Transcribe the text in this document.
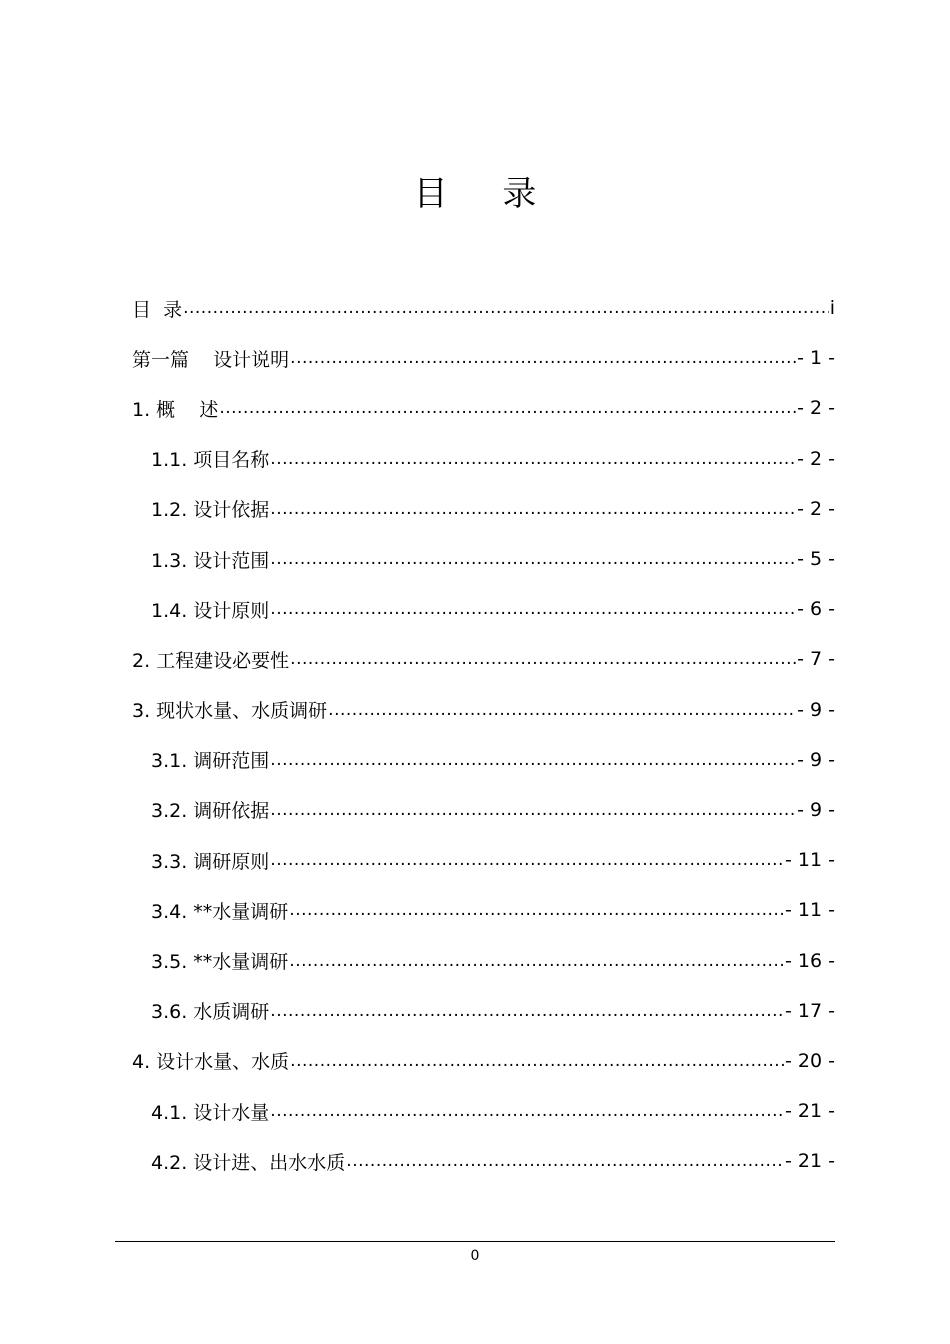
目 录
目  录 .....	i
第一篇    设计说明 .....	- 1 -
1. 概    述 .....	- 2 -
1.1. 项目名称 .....	- 2 -
1.2. 设计依据 .....	- 2 -
1.3. 设计范围 .....	- 5 -
1.4. 设计原则 .....	- 6 -
2. 工程建设必要性 .....	- 7 -
3. 现状水量、水质调研 .....	- 9 -
3.1. 调研范围 .....	- 9 -
3.2. 调研依据 .....	- 9 -
3.3. 调研原则 .....	- 11 -
3.4. **水量调研 .....	- 11 -
3.5. **水量调研 .....	- 16 -
3.6. 水质调研 .....	- 17 -
4. 设计水量、水质 .....	- 20 -
4.1. 设计水量 .....	- 21 -
4.2. 设计进、出水水质 .....	- 21 -
0
